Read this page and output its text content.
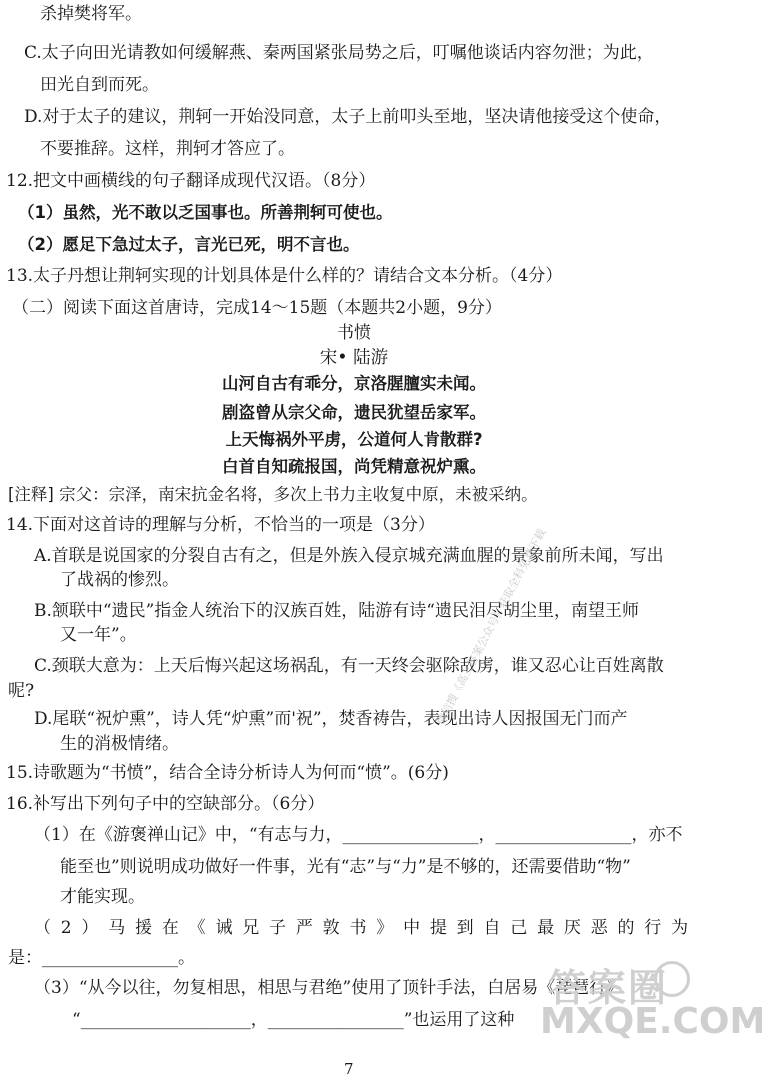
杀掉樊将军。
C.太子向田光请教如何缓解燕、秦两国紧张局势之后，叮嘱他谈话内容勿泄；为此，
田光自到而死。
D.对于太子的建议，荆轲一开始没同意，太子上前叩头至地，坚决请他接受这个使命，
不要推辞。这样，荆轲才答应了。
12.把文中画横线的句子翻译成现代汉语。（8分）
（1）虽然，光不敢以乏国事也。所善荆轲可使也。
（2）愿足下急过太子，言光已死，明不言也。
13.太子丹想让荆轲实现的计划具体是什么样的？请结合文本分析。（4分）
（二）阅读下面这首唐诗，完成14～15题（本题共2小题，9分）
书愤
宋• 陆游
山河自古有乖分，京洛腥膻实未闻。
剧盗曾从宗父命，遗民犹望岳家军。
上天悔祸外平虏，公道何人肯散群?
白首自知疏报国，尚凭精意祝炉熏。
[注释] 宗父：宗泽，南宋抗金名将，多次上书力主收复中原，未被采纳。
14.下面对这首诗的理解与分析，不恰当的一项是（3分）
A.首联是说国家的分裂自古有之，但是外族入侵京城充满血腥的景象前所未闻，写出
了战祸的惨烈。
B.颔联中“遗民”指金人统治下的汉族百姓，陆游有诗“遗民泪尽胡尘里，南望王师
又一年”。
C.颈联大意为：上天后悔兴起这场祸乱，有一天终会驱除敌虏，谁又忍心让百姓离散
呢?
D.尾联“祝炉熏”，诗人凭“炉熏”而'祝”，焚香祷告，表现出诗人因报国无门而产
生的消极情绪。
15.诗歌题为“书愤”，结合全诗分析诗人为何而“愤”。(6分)
16.补写出下列句子中的空缺部分。（6分）
（1）在《游褒禅山记》中，“有志与力，________________，________________，亦不
能至也”则说明成功做好一件事，光有“志”与“力”是不够的，还需要借助“物”
才能实现。
（ 2 ） 马 援 在 《 诫 兄 子 严 敦 书 》 中 提 到 自 己 最 厌 恶 的 行 为
是：________________。
（3）“从今以往，勿复相思，相思与君绝”使用了顶针手法，白居易《琵琶行》
“____________________，________________”也运用了这种
微信搜《高三答案公众号》获取全科免费下载
答案圈
MXQE.COM
7
